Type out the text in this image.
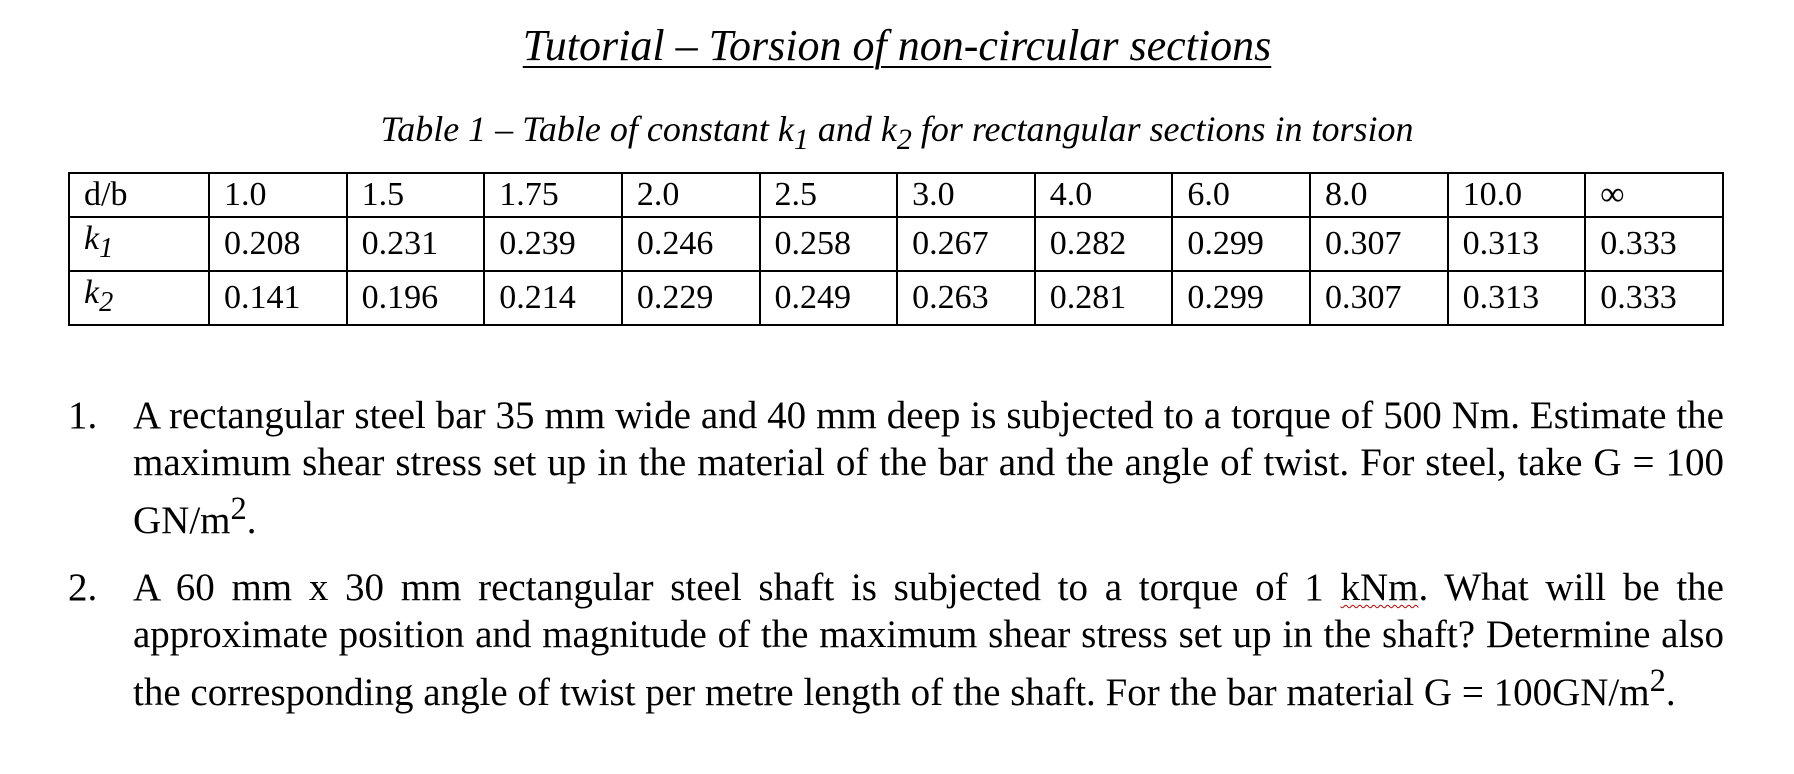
Tutorial – Torsion of non-circular sections
Table 1 – Table of constant $k_1$ and $k_2$ for rectangular sections in torsion
d/b	1.0	1.5	1.75	2.0	2.5	3.0	4.0	6.0	8.0	10.0	∞
$k_1$	0.208	0.231	0.239	0.246	0.258	0.267	0.282	0.299	0.307	0.313	0.333
$k_2$	0.141	0.196	0.214	0.229	0.249	0.263	0.281	0.299	0.307	0.313	0.333
1. A rectangular steel bar 35 mm wide and 40 mm deep is subjected to a torque of 500 Nm. Estimate the maximum shear stress set up in the material of the bar and the angle of twist. For steel, take G = 100 $GN/m^2$.
2. A 60 mm x 30 mm rectangular steel shaft is subjected to a torque of 1 kNm. What will be the approximate position and magnitude of the maximum shear stress set up in the shaft? Determine also the corresponding angle of twist per metre length of the shaft. For the bar material $G = 100GN/m^2$.
